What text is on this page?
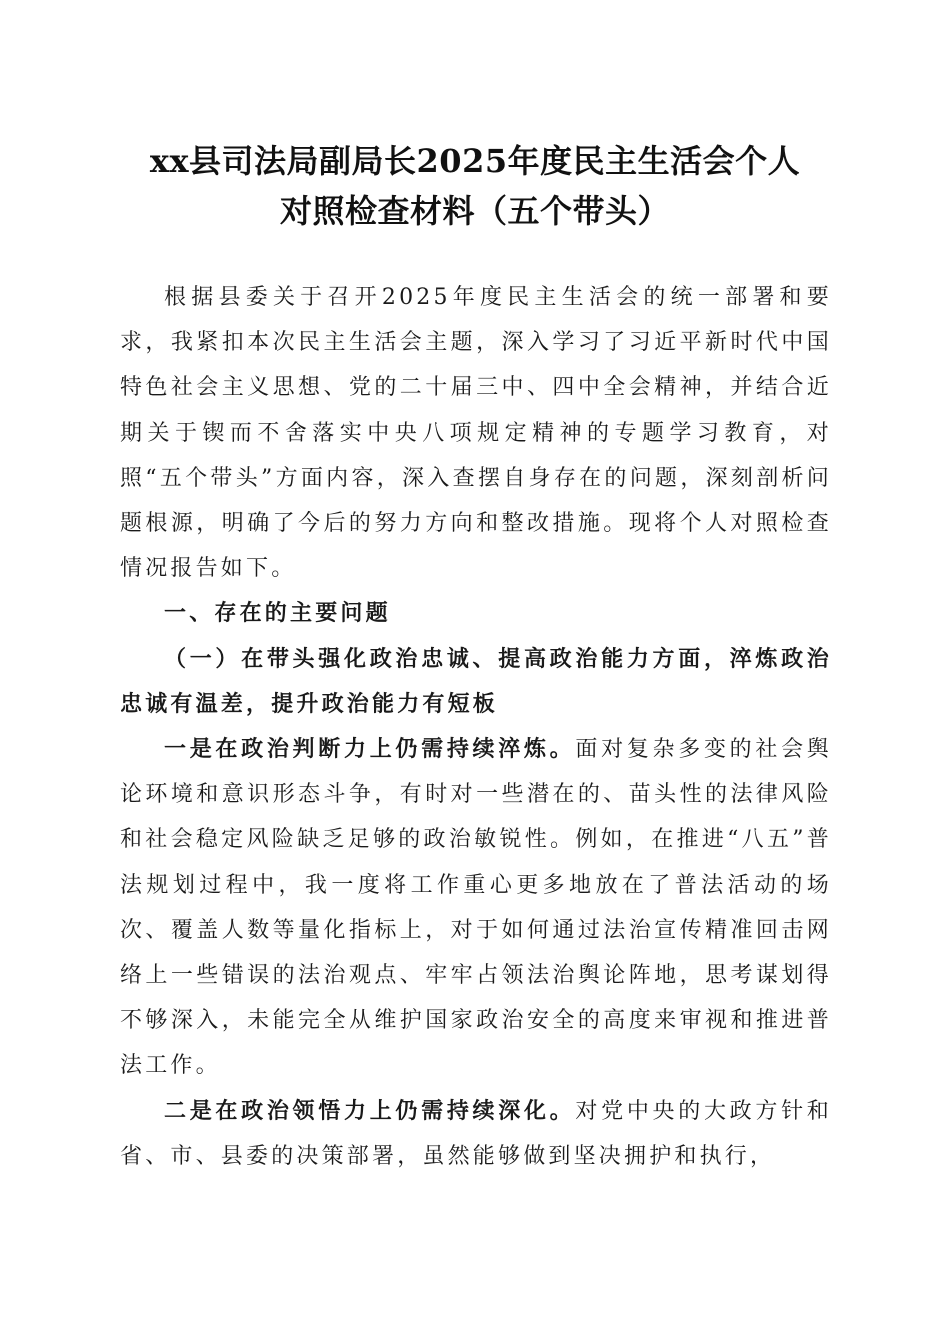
xx县司法局副局长2025年度民主生活会个人
对照检查材料（五个带头）

根据县委关于召开2025年度民主生活会的统一部署和要求，我紧扣本次民主生活会主题，深入学习了习近平新时代中国特色社会主义思想、党的二十届三中、四中全会精神，并结合近期关于锲而不舍落实中央八项规定精神的专题学习教育，对照“五个带头”方面内容，深入查摆自身存在的问题，深刻剖析问题根源，明确了今后的努力方向和整改措施。现将个人对照检查情况报告如下。

一、存在的主要问题

（一）在带头强化政治忠诚、提高政治能力方面，淬炼政治忠诚有温差，提升政治能力有短板

一是在政治判断力上仍需持续淬炼。面对复杂多变的社会舆论环境和意识形态斗争，有时对一些潜在的、苗头性的法律风险和社会稳定风险缺乏足够的政治敏锐性。例如，在推进“八五”普法规划过程中，我一度将工作重心更多地放在了普法活动的场次、覆盖人数等量化指标上，对于如何通过法治宣传精准回击网络上一些错误的法治观点、牢牢占领法治舆论阵地，思考谋划得不够深入，未能完全从维护国家政治安全的高度来审视和推进普法工作。

二是在政治领悟力上仍需持续深化。对党中央的大政方针和省、市、县委的决策部署，虽然能够做到坚决拥护和执行，
